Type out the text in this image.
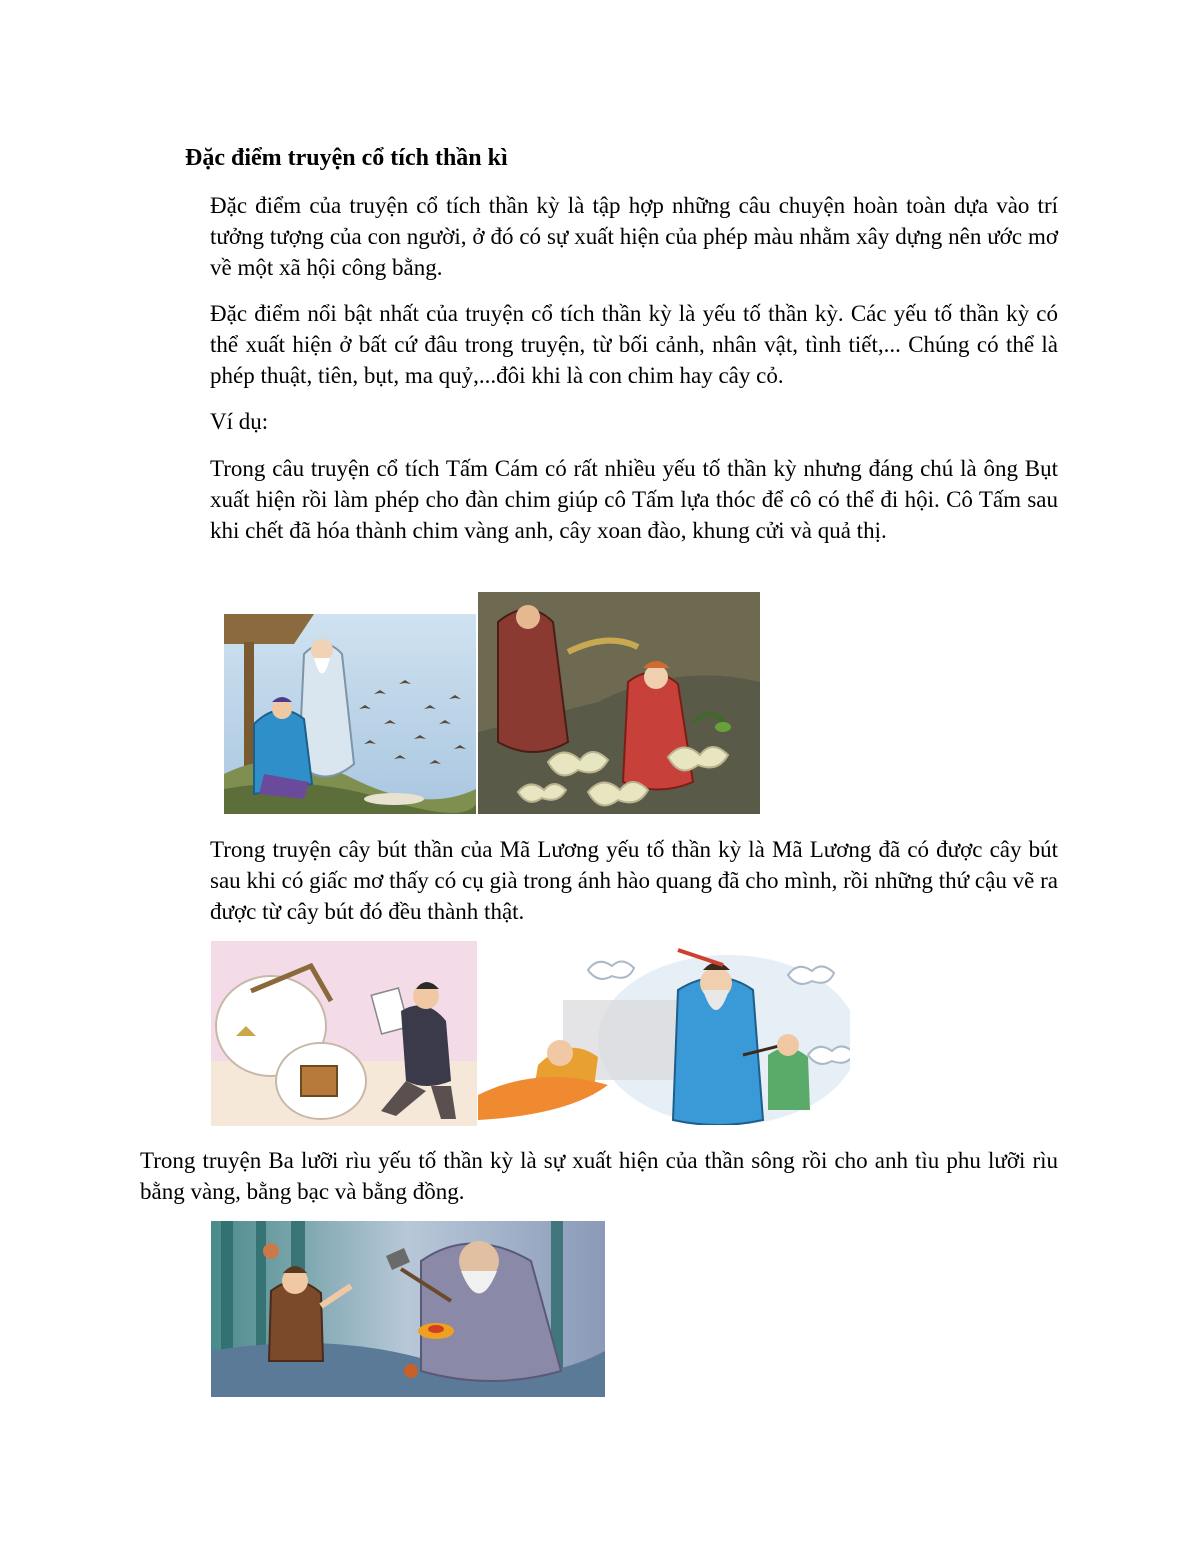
Đặc điểm truyện cổ tích thần kì

Đặc điểm của truyện cổ tích thần kỳ là tập hợp những câu chuyện hoàn toàn dựa vào trí tưởng tượng của con người, ở đó có sự xuất hiện của phép màu nhằm xây dựng nên ước mơ về một xã hội công bằng.

Đặc điểm nổi bật nhất của truyện cổ tích thần kỳ là yếu tố thần kỳ. Các yếu tố thần kỳ có thể xuất hiện ở bất cứ đâu trong truyện, từ bối cảnh, nhân vật, tình tiết,... Chúng có thể là phép thuật, tiên, bụt, ma quỷ,...đôi khi là con chim hay cây cỏ.

Ví dụ:

Trong câu truyện cổ tích Tấm Cám có rất nhiều yếu tố thần kỳ nhưng đáng chú là ông Bụt xuất hiện rồi làm phép cho đàn chim giúp cô Tấm lựa thóc để cô có thể đi hội. Cô Tấm sau khi chết đã hóa thành chim vàng anh, cây xoan đào, khung cửi và quả thị.

Trong truyện cây bút thần của Mã Lương yếu tố thần kỳ là Mã Lương đã có được cây bút sau khi có giấc mơ thấy có cụ già trong ánh hào quang đã cho mình, rồi những thứ cậu vẽ ra được từ cây bút đó đều thành thật.

Trong truyện Ba lưỡi rìu yếu tố thần kỳ là sự xuất hiện của thần sông rồi cho anh tìu phu lưỡi rìu bằng vàng, bằng bạc và bằng đồng.
